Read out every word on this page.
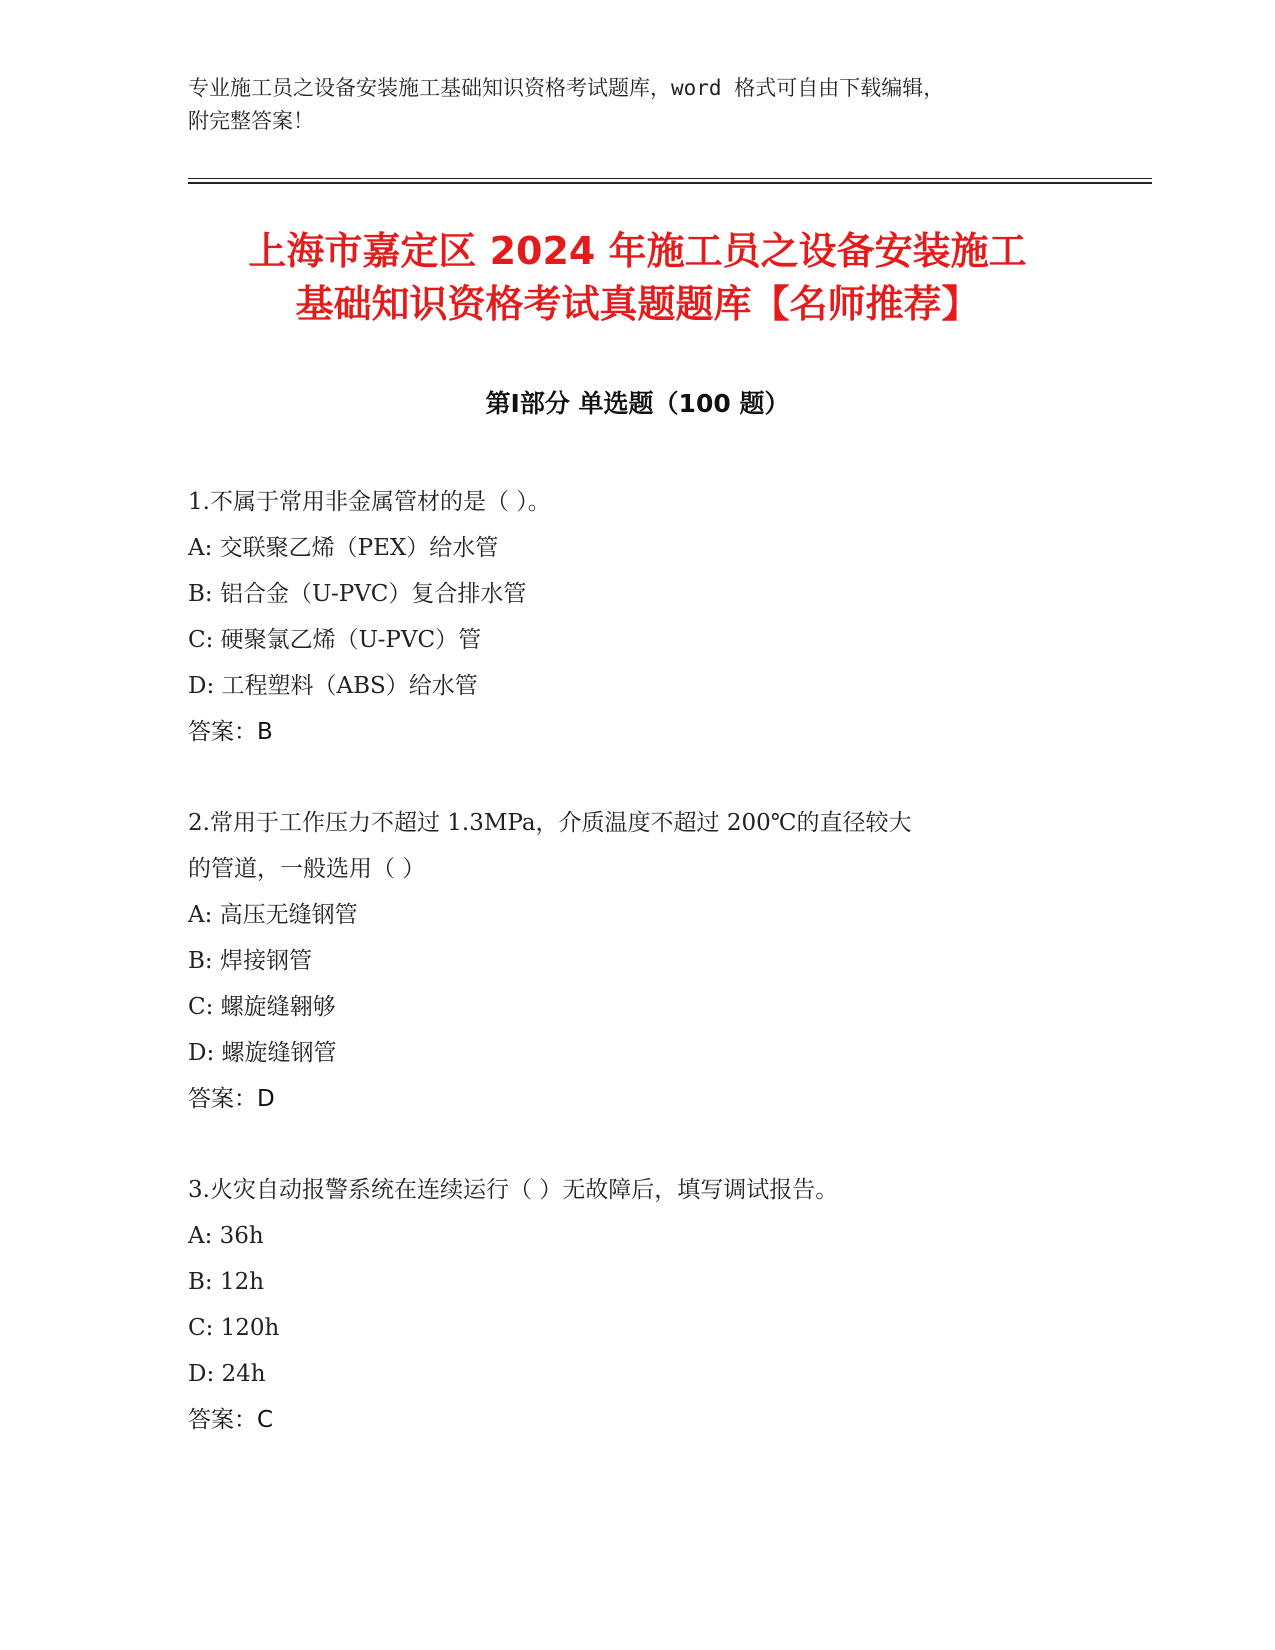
专业施工员之设备安装施工基础知识资格考试题库，word 格式可自由下载编辑，
附完整答案！
上海市嘉定区 2024 年施工员之设备安装施工
基础知识资格考试真题题库【名师推荐】
第Ⅰ部分 单选题（100 题）

1.不属于常用非金属管材的是（ ）。

A: 交联聚乙烯（PEX）给水管

B: 铝合金（U-PVC）复合排水管

C: 硬聚氯乙烯（U-PVC）管

D: 工程塑料（ABS）给水管

答案：B

2.常用于工作压力不超过 1.3MPa，介质温度不超过 200℃的直径较大

的管道，一般选用（ ）

A: 高压无缝钢管

B: 焊接钢管

C: 螺旋缝翱够

D: 螺旋缝钢管

答案：D

3.火灾自动报警系统在连续运行（ ）无故障后，填写调试报告。

A: 36h

B: 12h

C: 120h

D: 24h

答案：C
